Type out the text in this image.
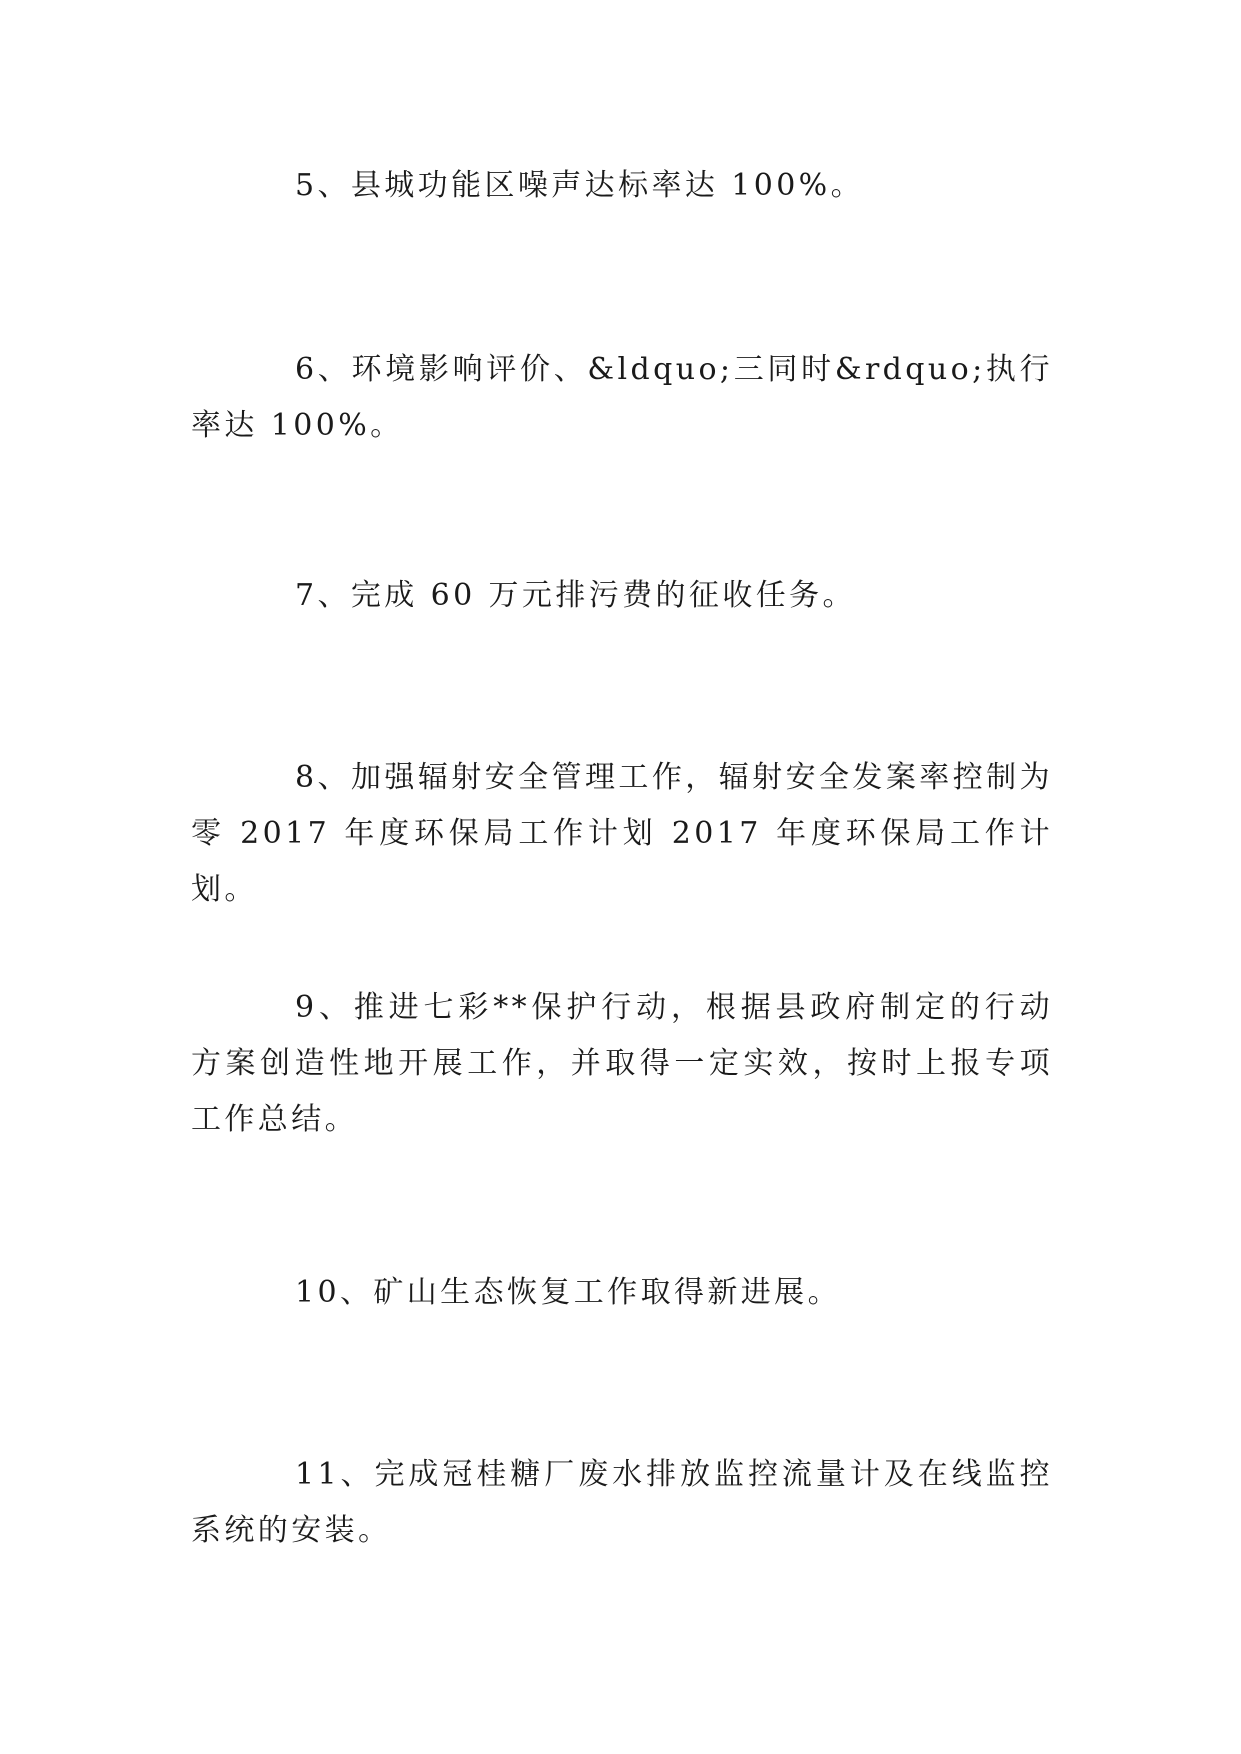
5、县城功能区噪声达标率达 100%。

6、环境影响评价、&ldquo;三同时&rdquo;执行率达 100%。

7、完成 60 万元排污费的征收任务。

8、加强辐射安全管理工作，辐射安全发案率控制为零 2017 年度环保局工作计划 2017 年度环保局工作计划。

9、推进七彩**保护行动，根据县政府制定的行动方案创造性地开展工作，并取得一定实效，按时上报专项工作总结。

10、矿山生态恢复工作取得新进展。

11、完成冠桂糖厂废水排放监控流量计及在线监控系统的安装。
